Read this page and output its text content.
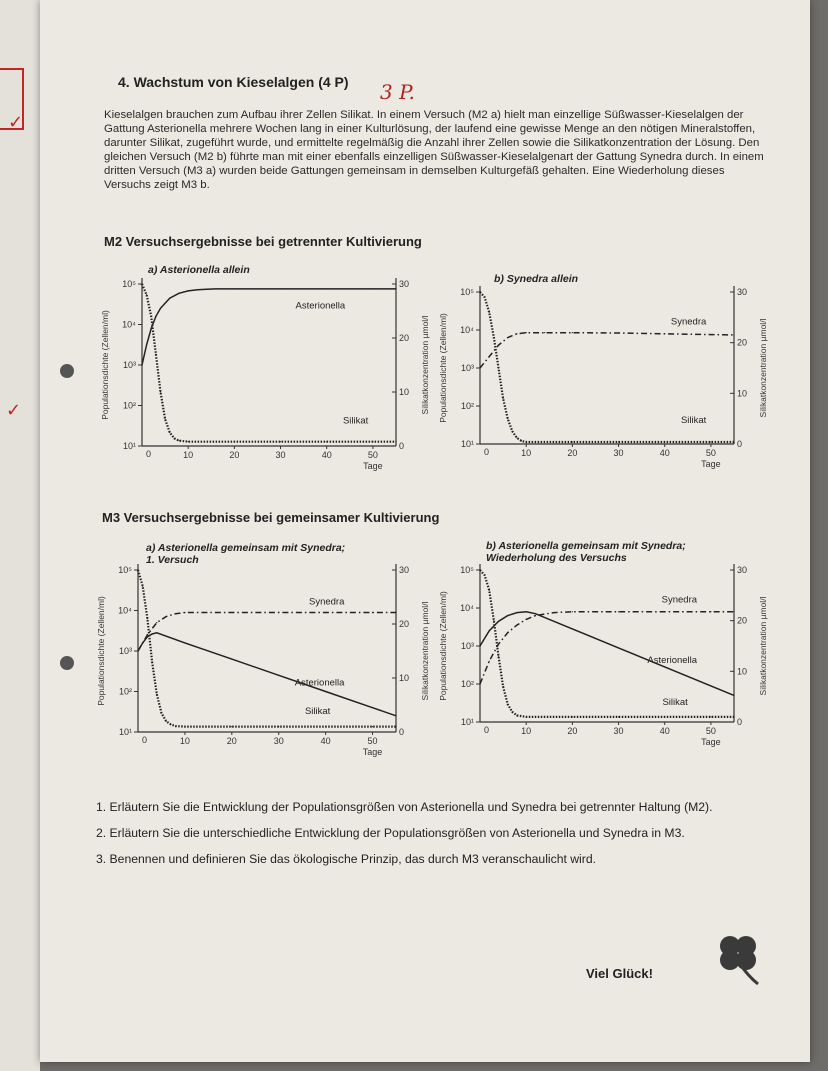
✓
✓
4. Wachstum von Kieselalgen (4 P) 3 P.
Kieselalgen brauchen zum Aufbau ihrer Zellen Silikat. In einem Versuch (M2 a) hielt man einzellige Süßwasser-Kieselalgen der Gattung Asterionella mehrere Wochen lang in einer Kulturlösung, der laufend eine gewisse Menge an den nötigen Mineralstoffen, darunter Silikat, zugeführt wurde, und ermittelte regelmäßig die Anzahl ihrer Zellen sowie die Silikatkonzentration der Lösung. Den gleichen Versuch (M2 b) führte man mit einer ebenfalls einzelligen Süßwasser-Kieselalgenart der Gattung Synedra durch. In einem dritten Versuch (M3 a) wurden beide Gattungen gemeinsam in demselben Kulturgefäß gehalten. Eine Wiederholung dieses Versuchs zeigt M3 b.
M2 Versuchsergebnisse bei getrennter Kultivierung
a) Asterionella allein
b) Synedra allein
M3 Versuchsergebnisse bei gemeinsamer Kultivierung
a) Asterionella gemeinsam mit Synedra;
1. Versuch
b) Asterionella gemeinsam mit Synedra;
Wiederholung des Versuchs
10¹
10²
10³
10⁴
10⁵
0
10
20
30
0	10	20	30	40	50
Tage
Populationsdichte (Zellen/ml)	Silikatkonzentration µmol/l
Asterionella
Silikat
10¹
10²
10³
10⁴
10⁵
0
10
20
30
0	10	20	30	40	50
Tage
Populationsdichte (Zellen/ml)	Silikatkonzentration µmol/l
Synedra
Silikat
10¹
10²
10³
10⁴
10⁵
0
10
20
30
0	10	20	30	40	50
Tage
Populationsdichte (Zellen/ml)	Silikatkonzentration µmol/l
Synedra
Asterionella
Silikat
10¹
10²
10³
10⁴
10⁵
0
10
20
30
0	10	20	30	40	50
Tage
Populationsdichte (Zellen/ml)	Silikatkonzentration µmol/l
Synedra
Asterionella
Silikat
1. Erläutern Sie die Entwicklung der Populationsgrößen von Asterionella und Synedra bei getrennter Haltung (M2).
2. Erläutern Sie die unterschiedliche Entwicklung der Populationsgrößen von Asterionella und Synedra in M3.
3. Benennen und definieren Sie das ökologische Prinzip, das durch M3 veranschaulicht wird.
Viel Glück!
